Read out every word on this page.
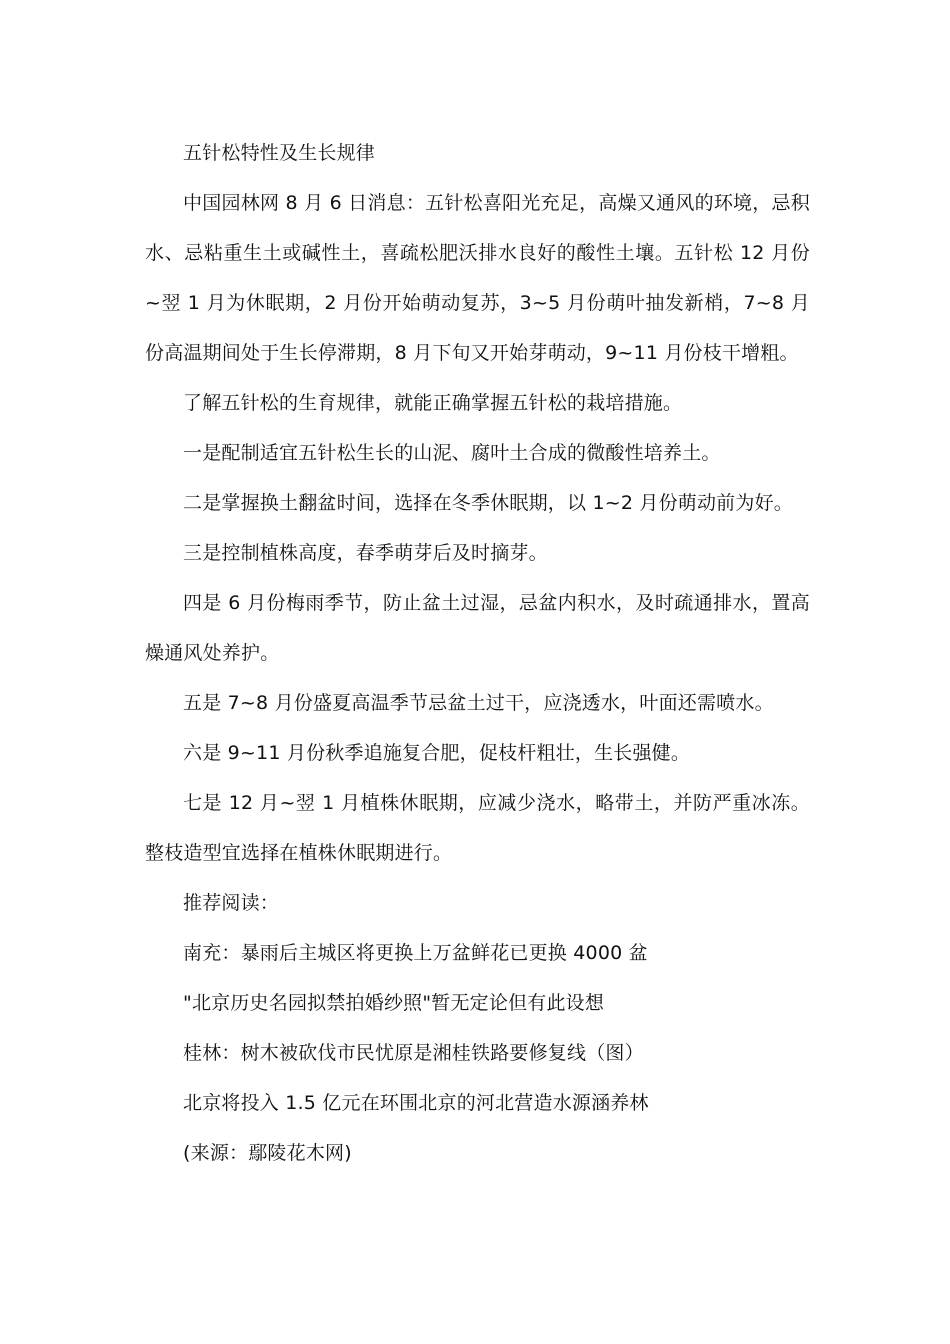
五针松特性及生长规律

中国园林网 8 月 6 日消息：五针松喜阳光充足，高燥又通风的环境，忌积水、忌粘重生土或碱性土，喜疏松肥沃排水良好的酸性土壤。五针松 12 月份~翌 1 月为休眠期，2 月份开始萌动复苏，3~5 月份萌叶抽发新梢，7~8 月份高温期间处于生长停滞期，8 月下旬又开始芽萌动，9~11 月份枝干增粗。

了解五针松的生育规律，就能正确掌握五针松的栽培措施。

一是配制适宜五针松生长的山泥、腐叶土合成的微酸性培养土。

二是掌握换土翻盆时间，选择在冬季休眠期，以 1~2 月份萌动前为好。

三是控制植株高度，春季萌芽后及时摘芽。

四是 6 月份梅雨季节，防止盆土过湿，忌盆内积水，及时疏通排水，置高燥通风处养护。

五是 7~8 月份盛夏高温季节忌盆土过干，应浇透水，叶面还需喷水。

六是 9~11 月份秋季追施复合肥，促枝杆粗壮，生长强健。

七是 12 月~翌 1 月植株休眠期，应减少浇水，略带土，并防严重冰冻。整枝造型宜选择在植株休眠期进行。

推荐阅读：

南充：暴雨后主城区将更换上万盆鲜花已更换 4000 盆

"北京历史名园拟禁拍婚纱照"暂无定论但有此设想

桂林：树木被砍伐市民忧原是湘桂铁路要修复线（图）

北京将投入 1.5 亿元在环围北京的河北营造水源涵养林

(来源：鄢陵花木网)
